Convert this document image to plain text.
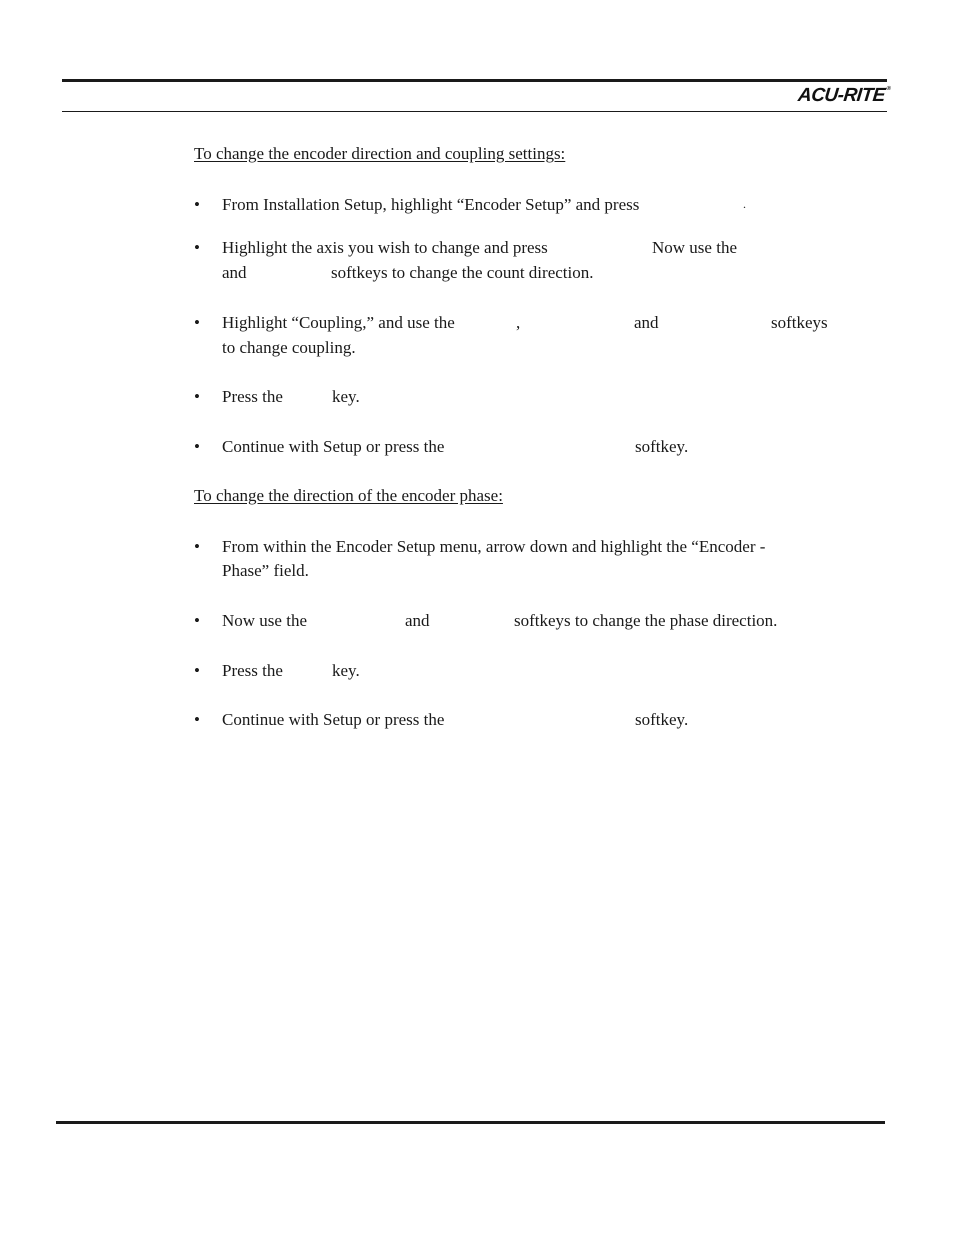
ACU-RITE®
To change the encoder direction and coupling settings:
• From Installation Setup, highlight “Encoder Setup” and press	.
• Highlight the axis you wish to change and press	Now use the
and	softkeys to change the count direction.
• Highlight “Coupling,” and use the	,	and	softkeys
to change coupling.
• Press the	key.
• Continue with Setup or press the	softkey.
To change the direction of the encoder phase:
• From within the Encoder Setup menu, arrow down and highlight the “Encoder -
Phase” field.
• Now use the	and	softkeys to change the phase direction.
• Press the	key.
• Continue with Setup or press the	softkey.
